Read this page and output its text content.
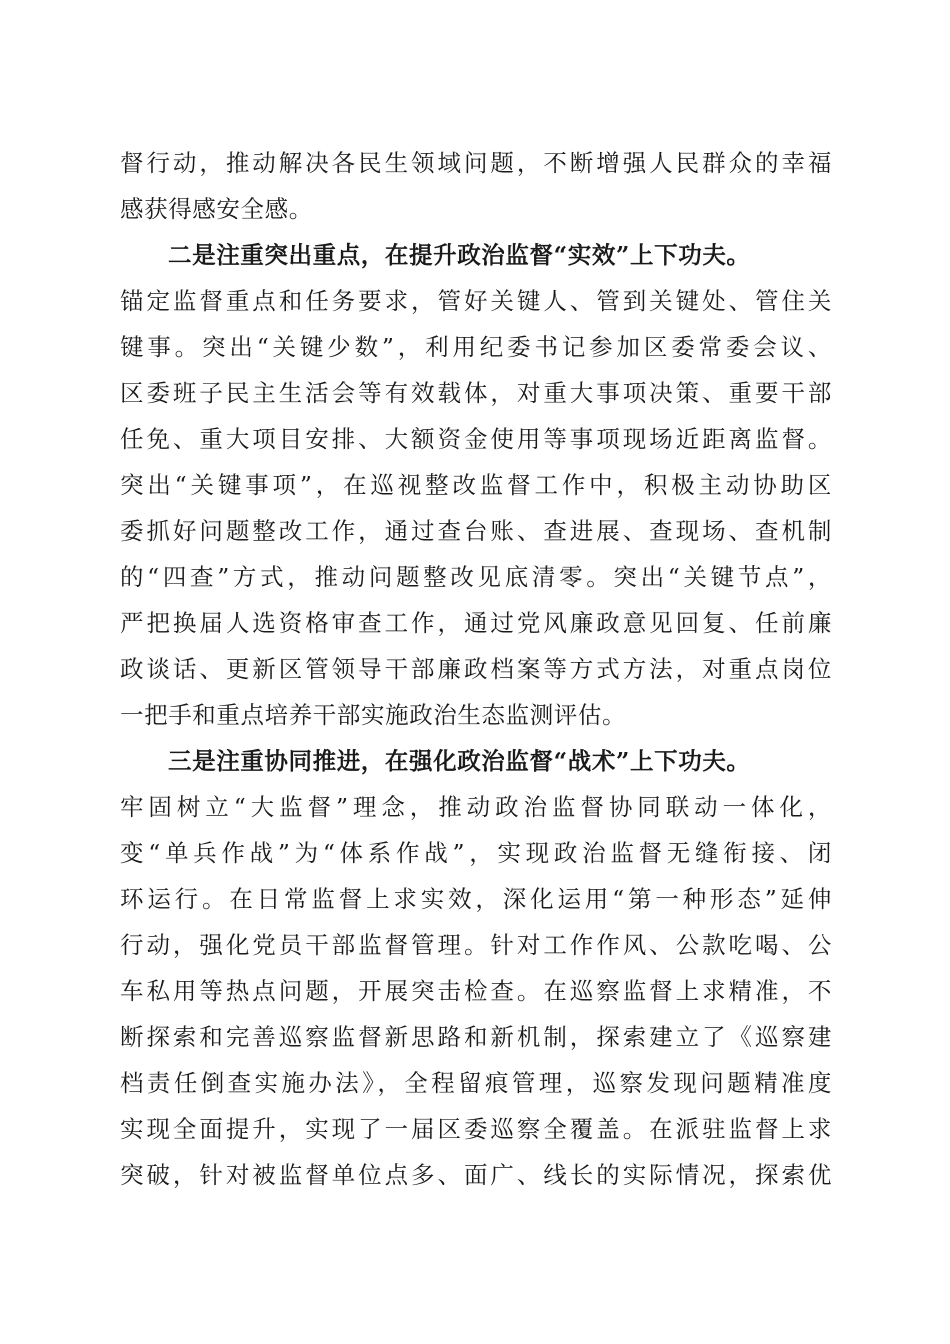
督行动，推动解决各民生领域问题，不断增强人民群众的幸福
感获得感安全感。
二是注重突出重点，在提升政治监督“实效”上下功夫。
锚定监督重点和任务要求，管好关键人、管到关键处、管住关
键事。突出“关键少数”，利用纪委书记参加区委常委会议、
区委班子民主生活会等有效载体，对重大事项决策、重要干部
任免、重大项目安排、大额资金使用等事项现场近距离监督。
突出“关键事项”，在巡视整改监督工作中，积极主动协助区
委抓好问题整改工作，通过查台账、查进展、查现场、查机制
的“四查”方式，推动问题整改见底清零。突出“关键节点”，
严把换届人选资格审查工作，通过党风廉政意见回复、任前廉
政谈话、更新区管领导干部廉政档案等方式方法，对重点岗位
一把手和重点培养干部实施政治生态监测评估。
三是注重协同推进，在强化政治监督“战术”上下功夫。
牢固树立“大监督”理念，推动政治监督协同联动一体化，
变“单兵作战”为“体系作战”，实现政治监督无缝衔接、闭
环运行。在日常监督上求实效，深化运用“第一种形态”延伸
行动，强化党员干部监督管理。针对工作作风、公款吃喝、公
车私用等热点问题，开展突击检查。在巡察监督上求精准，不
断探索和完善巡察监督新思路和新机制，探索建立了《巡察建
档责任倒查实施办法》，全程留痕管理，巡察发现问题精准度
实现全面提升，实现了一届区委巡察全覆盖。在派驻监督上求
突破，针对被监督单位点多、面广、线长的实际情况，探索优
